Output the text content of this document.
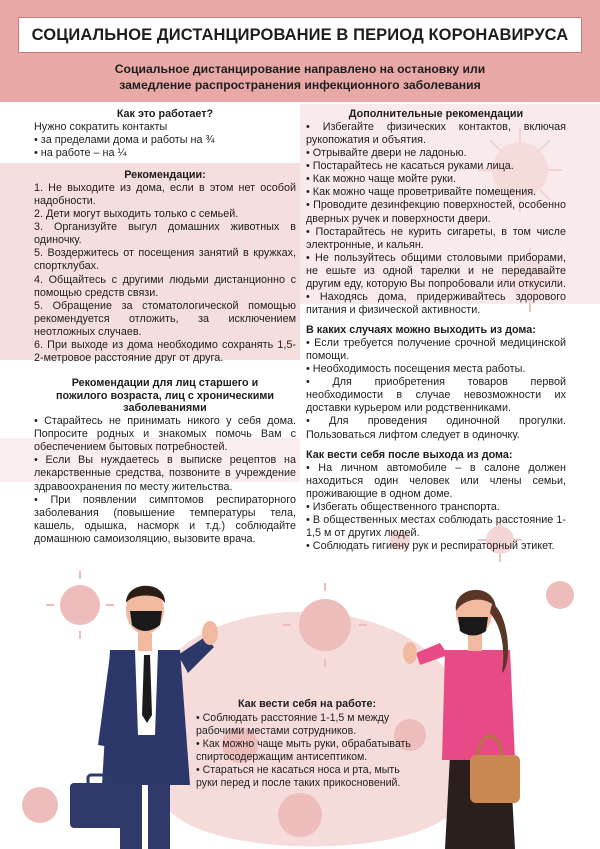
СОЦИАЛЬНОЕ ДИСТАНЦИРОВАНИЕ В ПЕРИОД КОРОНАВИРУСА
Социальное дистанцирование направлено на остановку или
замедление распространения инфекционного заболевания
Как это работает?
Нужно сократить контакты
• за пределами дома и работы на ¾
• на работе – на ¼
Рекомендации:
1. Не выходите из дома, если в этом нет особой надобности.
2. Дети могут выходить только с семьей.
3. Организуйте выгул домашних животных в одиночку.
5. Воздержитесь от посещения занятий в кружках, спортклубах.
4. Общайтесь с другими людьми дистанционно с помощью средств связи.
5. Обращение за стоматологической помощью рекомендуется отложить, за исключением неотложных случаев.
6. При выходе из дома необходимо сохранять 1,5-2-метровое расстояние друг от друга.
Рекомендации для лиц старшего и
пожилого возраста, лиц с хроническими
заболеваниями
• Старайтесь не принимать никого у себя дома. Попросите родных и знакомых помочь Вам с обеспечением бытовых потребностей.
• Если Вы нуждаетесь в выписке рецептов на лекарственные средства, позвоните в учреждение здравоохранения по месту жительства.
• При появлении симптомов респираторного заболевания (повышение температуры тела, кашель, одышка, насморк и т.д.) соблюдайте домашнюю самоизоляцию, вызовите врача.
Дополнительные рекомендации
• Избегайте физических контактов, включая рукопожатия и объятия.
• Отрывайте двери не ладонью.
• Постарайтесь не касаться руками лица.
• Как можно чаще мойте руки.
• Как можно чаще проветривайте помещения.
• Проводите дезинфекцию поверхностей, особенно дверных ручек и поверхности двери.
• Постарайтесь не курить сигареты, в том числе электронные, и кальян.
• Не пользуйтесь общими столовыми приборами, не ешьте из одной тарелки и не передавайте другим еду, которую Вы попробовали или откусили.
• Находясь дома, придерживайтесь здорового питания и физической активности.
В каких случаях можно выходить из дома:
• Если требуется получение срочной медицинской помощи.
• Необходимость посещения места работы.
• Для приобретения товаров первой необходимости в случае невозможности их доставки курьером или родственниками.
• Для проведения одиночной прогулки. Пользоваться лифтом следует в одиночку.
Как вести себя после выхода из дома:
• На личном автомобиле – в салоне должен находиться один человек или члены семьи, проживающие в одном доме.
• Избегать общественного транспорта.
• В общественных местах соблюдать расстояние 1-1,5 м от других людей.
• Соблюдать гигиену рук и респираторный этикет.
Как вести себя на работе:
• Соблюдать расстояние 1-1,5 м между рабочими местами сотрудников.
• Как можно чаще мыть руки, обрабатывать спиртосодержащим антисептиком.
• Стараться не касаться носа и рта, мыть руки перед и после таких прикосновений.
